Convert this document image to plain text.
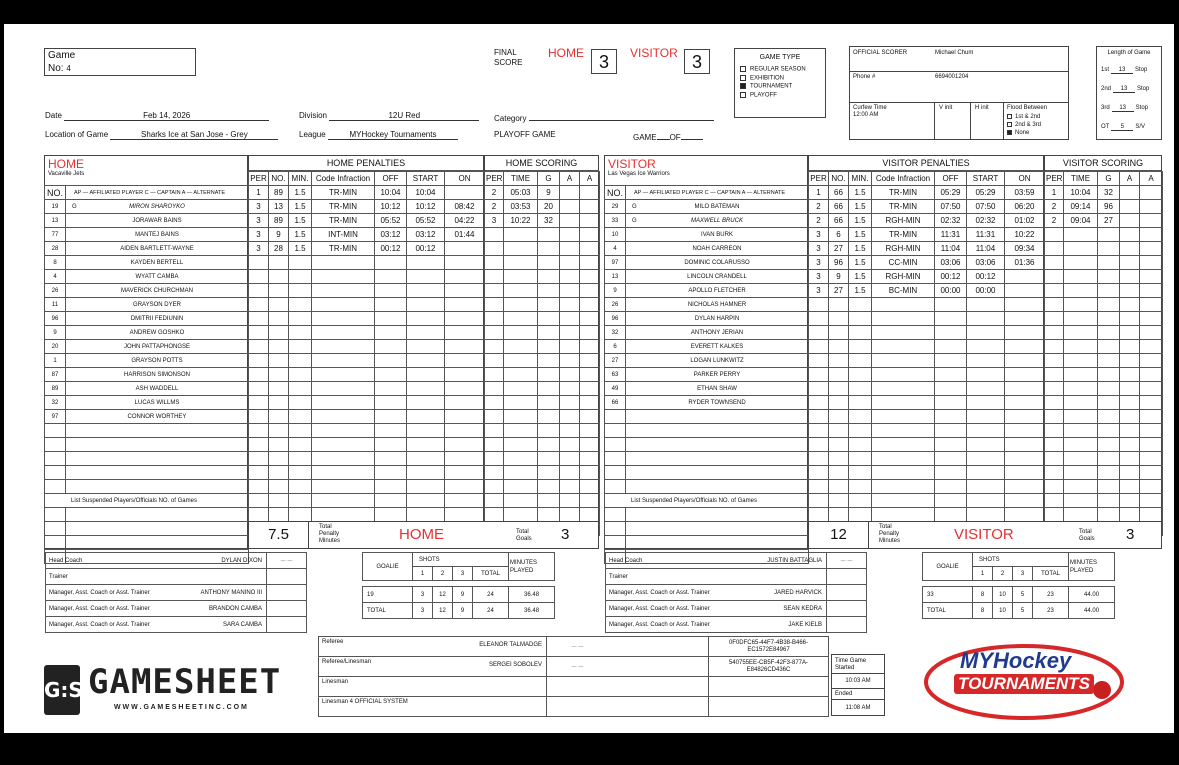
Game
No: 4
FINAL
SCORE
HOME 3	VISITOR 3	GAME TYPE
REGULAR SEASON
EXHIBITION
TOURNAMENT
PLAYOFF
OFFICIAL SCORER	Michael Chum
Phone #	6694001204
Curfew Time
12:00 AM
V init	H init	Flood Between
1st & 2nd
2nd & 3rd
None
Length of Game
1st 13 Stop
2nd 13 Stop
3rd 13 Stop
OT 5 S/V
Date	Feb 14, 2026	Division	12U Red	Category
Location of Game	Sharks Ice at San Jose - Grey	League	MYHockey Tournaments	PLAYOFF GAME	GAME OF
HOME
Vacaville Jets
NO.	AP — AFFILIATED PLAYER C — CAPTAIN A — ALTERNATE
19	G MIRON SHAROYKO
13	JORAWAR BAINS
77	MANTEJ BAINS
28	AIDEN BARTLETT-WAYNE
8	KAYDEN BERTELL
4	WYATT CAMBA
26	MAVERICK CHURCHMAN
11	GRAYSON DYER
96	DMITRII FEDIUNIN
9	ANDREW GOSHKO
20	JOHN PATTAPHONGSE
1	GRAYSON POTTS
87	HARRISON SIMONSON
89	ASH WADDELL
32	LUCAS WILLMS
97	CONNOR WORTHEY

List Suspended Players/Officials NO. of Games	

HOME PENALTIES
PER	NO.	MIN.	Code Infraction	OFF	START	ON
1	89	1.5	TR-MIN	10:04	10:04	
3	13	1.5	TR-MIN	10:12	10:12	08:42
3	89	1.5	TR-MIN	05:52	05:52	04:22
3	9	1.5	INT-MIN	03:12	03:12	01:44
3	28	1.5	TR-MIN	00:12	00:12	

HOME SCORING
PER	TIME	G	A	A
2	05:03	9		
2	03:53	20		
3	10:22	32		

7.5	Total Penalty Minutes	HOME	Total Goals	3
VISITOR
Las Vegas Ice Warriors
NO.	AP — AFFILIATED PLAYER C — CAPTAIN A — ALTERNATE
29	G MILO BATEMAN
33	G MAXWELL BRUCK
10	IVAN BURK
4	NOAH CARREON
97	DOMINIC COLARUSSO
13	LINCOLN CRANDELL
9	APOLLO FLETCHER
26	NICHOLAS HAMNER
96	DYLAN HARPIN
32	ANTHONY JERIAN
6	EVERETT KALKES
27	LOGAN LUNKWITZ
63	PARKER PERRY
49	ETHAN SHAW
66	RYDER TOWNSEND

List Suspended Players/Officials NO. of Games	

VISITOR PENALTIES
PER	NO.	MIN.	Code Infraction	OFF	START	ON
1	66	1.5	TR-MIN	05:29	05:29	03:59
2	66	1.5	TR-MIN	07:50	07:50	06:20
2	66	1.5	RGH-MIN	02:32	02:32	01:02
3	6	1.5	TR-MIN	11:31	11:31	10:22
3	27	1.5	RGH-MIN	11:04	11:04	09:34
3	96	1.5	CC-MIN	03:06	03:06	01:36
3	9	1.5	RGH-MIN	00:12	00:12	
3	27	1.5	BC-MIN	00:00	00:00	

VISITOR SCORING
PER	TIME	G	A	A
1	10:04	32		
2	09:14	96		
2	09:04	27		

12	Total Penalty Minutes	VISITOR	Total Goals	3
Head Coach DYLAN DIXON	~~
Trainer

Manager, Asst. Coach or Asst. Trainer ANTHONY MANINO III	

Manager, Asst. Coach or Asst. Trainer BRANDON CAMBA	

Manager, Asst. Coach or Asst. Trainer SARA CAMBA	

Head Coach JUSTIN BATTAGLIA	~~
Trainer

Manager, Asst. Coach or Asst. Trainer JARED HARVICK	

Manager, Asst. Coach or Asst. Trainer SEAN KEDRA	

Manager, Asst. Coach or Asst. Trainer JAKE KIELB	

GOALIE	SHOTS				MINUTES PLAYED
	1	2	3	TOTAL	

19	3	12	9	24	36.48
TOTAL	3	12	9	24	36.48
GOALIE	SHOTS				MINUTES PLAYED
	1	2	3	TOTAL	

33	8	10	5	23	44.00
TOTAL	8	10	5	23	44.00
Referee ELEANOR TALMADGE	~~	0F0DFC65-44F7-4B38-B466-EC1572E84967

Referee/Linesman SERGEI SOBOLEV	~~	540755EE-CB5F-42F3-877A-E84826CD436C

Linesman		

Linesman 4 OFFICIAL SYSTEM		

Time Game Started
10:03 AM
Ended
11:08 AM
G:S GAMESHEET
W W W . G A M E S H E E T I N C . C O M
MYHockey
TOURNAMENTS
